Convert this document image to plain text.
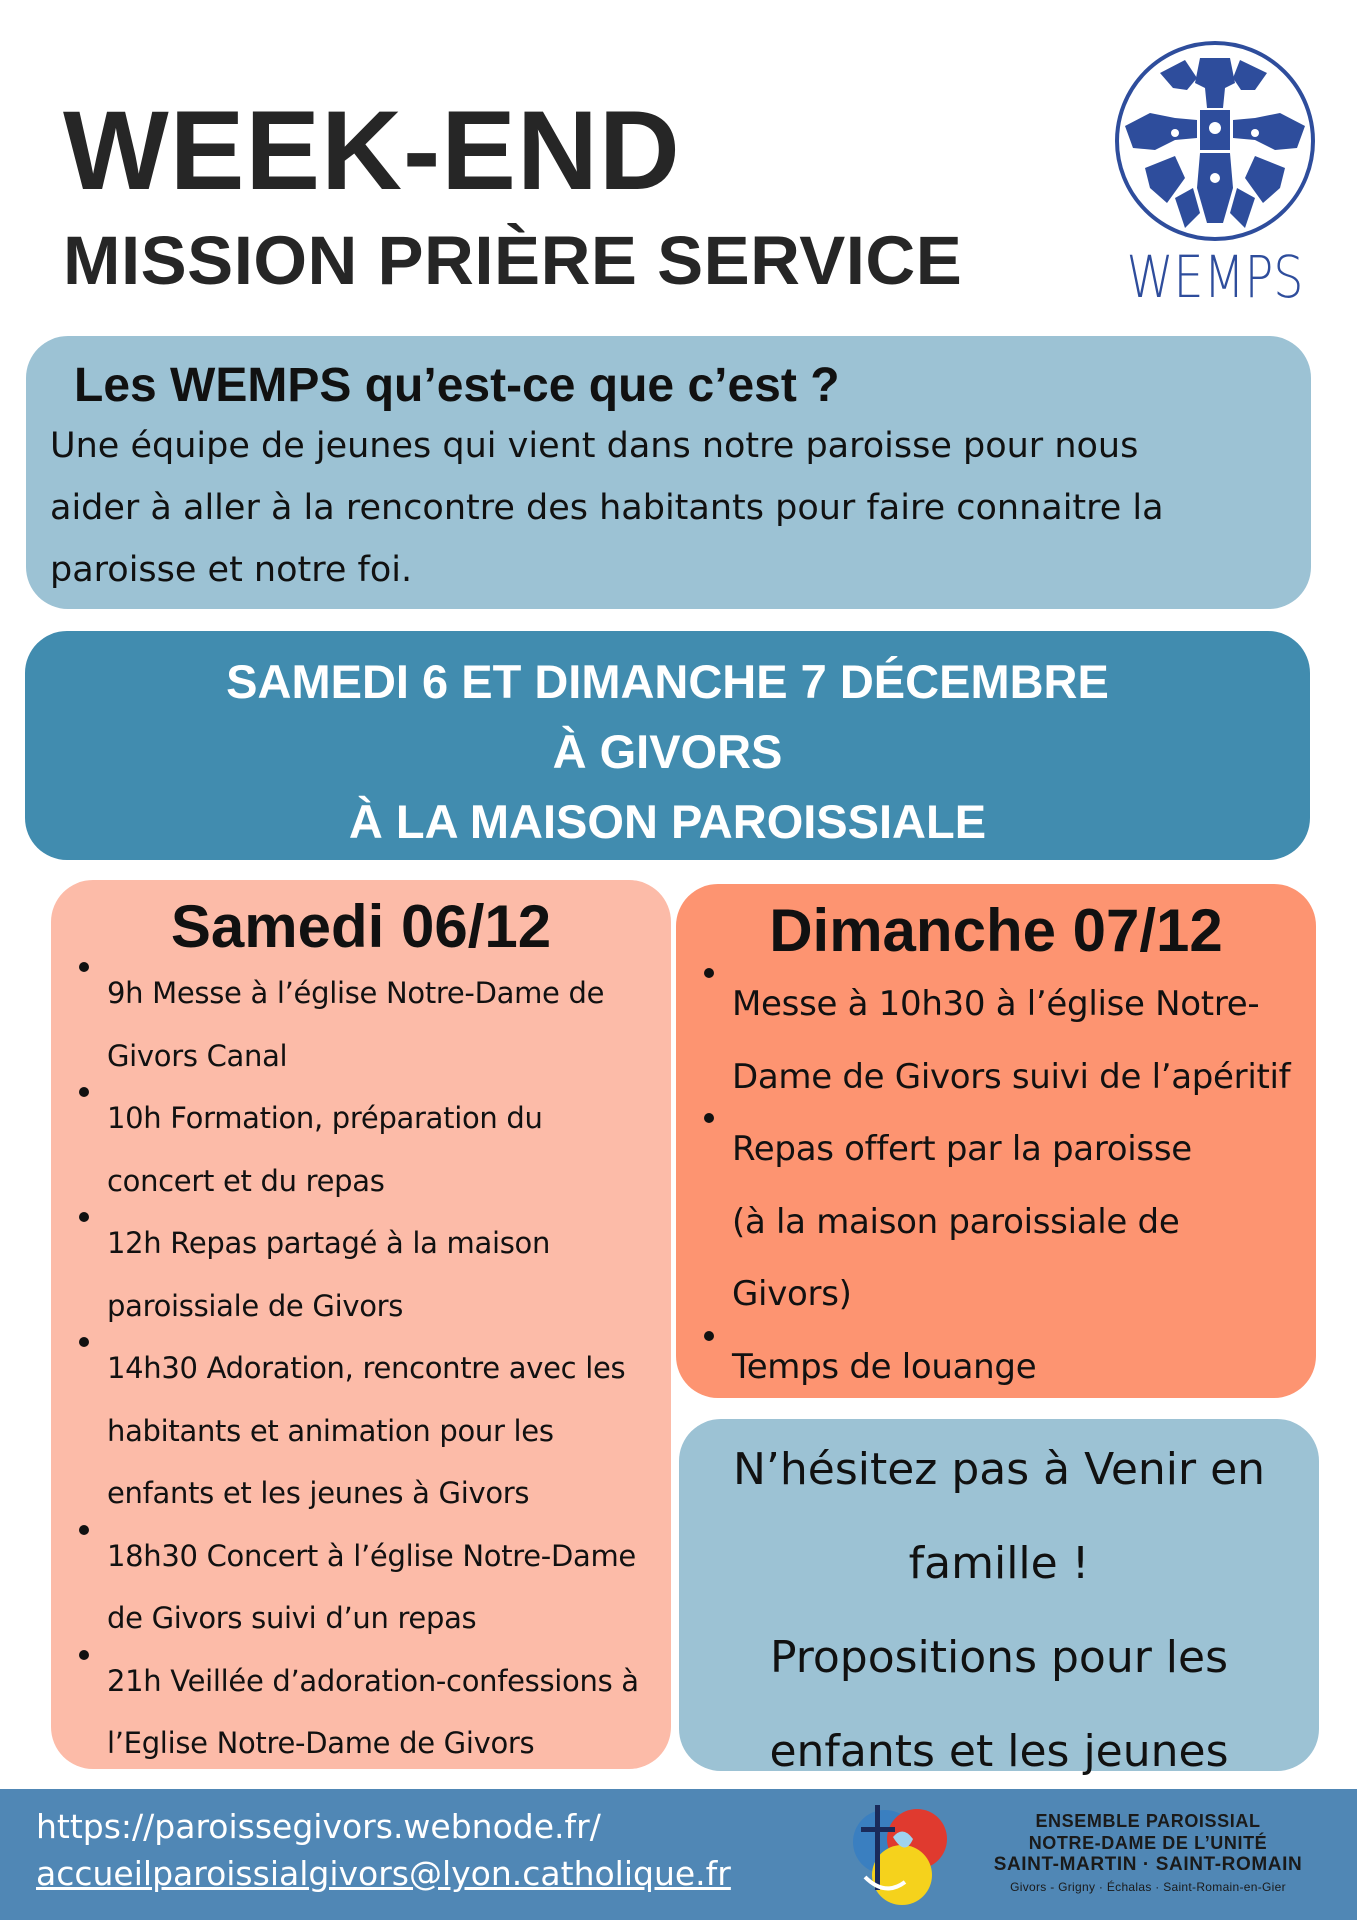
WEEK-END
MISSION PRIÈRE SERVICE	WEMPS
Les WEMPS qu’est-ce que c’est ?
Une équipe de jeunes qui vient dans notre paroisse pour nous
aider à aller à la rencontre des habitants pour faire connaitre la
paroisse et notre foi.
SAMEDI 6 ET DIMANCHE 7 DÉCEMBRE
À GIVORS
À LA MAISON PAROISSIALE
Samedi 06/12
9h Messe à l’église Notre-Dame de
Givors Canal
10h Formation, préparation du
concert et du repas
12h Repas partagé à la maison
paroissiale de Givors
14h30 Adoration, rencontre avec les
habitants et animation pour les
enfants et les jeunes à Givors
18h30 Concert à l’église Notre-Dame
de Givors suivi d’un repas
21h Veillée d’adoration-confessions à
l’Eglise Notre-Dame de Givors
Dimanche 07/12
Messe à 10h30 à l’église Notre-
Dame de Givors suivi de l’apéritif
Repas offert par la paroisse
(à la maison paroissiale de
Givors)
Temps de louange
N’hésitez pas à Venir en
famille !
Propositions pour les
enfants et les jeunes
https://paroissegivors.webnode.fr/
accueilparoissialgivors@lyon.catholique.fr
ENSEMBLE PAROISSIAL
NOTRE-DAME DE L’UNITÉ
SAINT-MARTIN · SAINT-ROMAIN
Givors - Grigny · Échalas · Saint-Romain-en-Gier
